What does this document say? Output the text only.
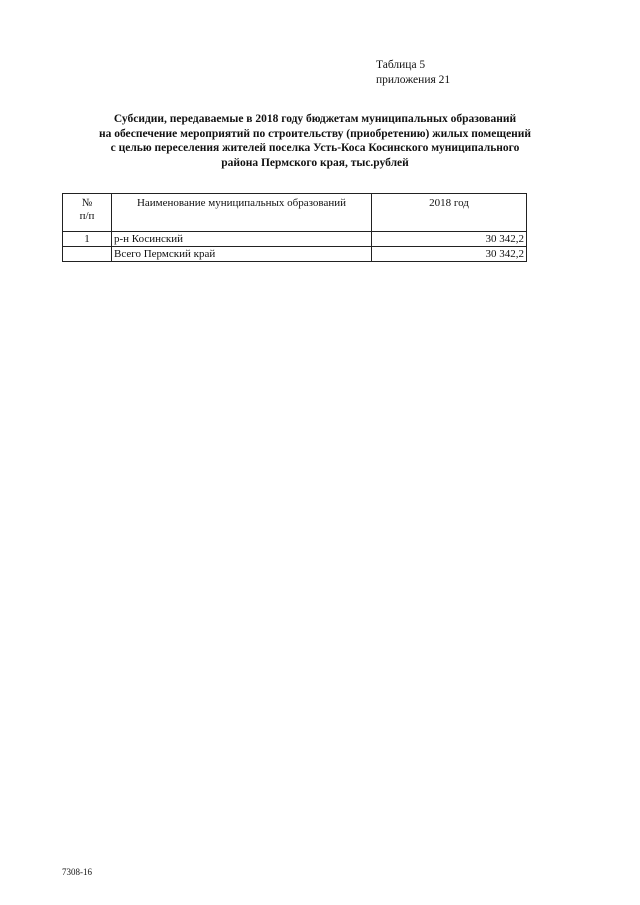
Таблица 5
приложения 21
Субсидии, передаваемые в 2018 году бюджетам муниципальных образований
на обеспечение мероприятий по строительству (приобретению) жилых помещений
с целью переселения жителей поселка Усть-Коса Косинского муниципального
района Пермского края, тыс.рублей
№
п/п	Наименование муниципальных образований	2018 год
1	р-н Косинский	30 342,2
	Всего Пермский край	30 342,2
7308-16
